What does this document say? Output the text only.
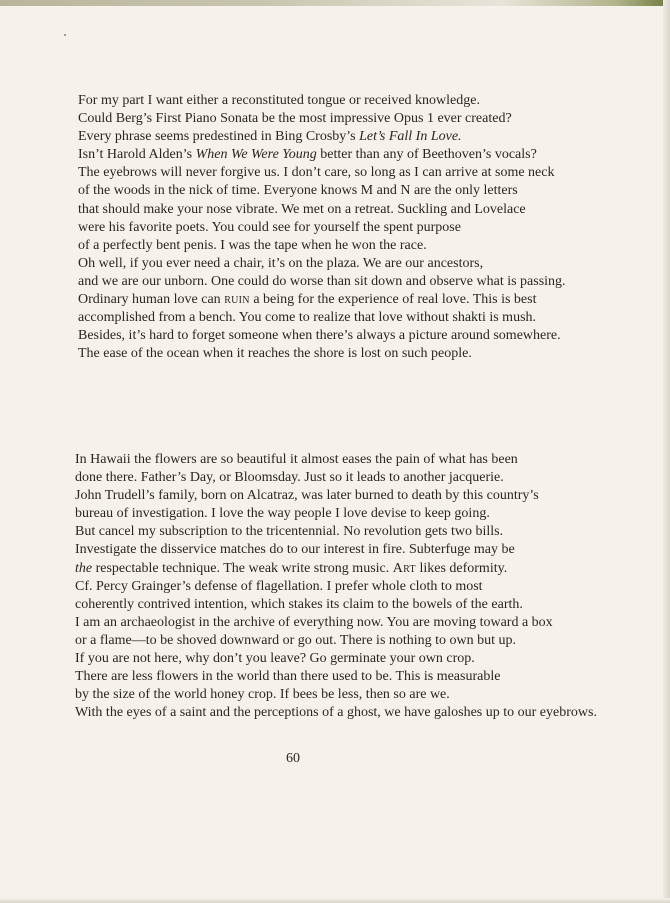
For my part I want either a reconstituted tongue or received knowledge.
Could Berg’s First Piano Sonata be the most impressive Opus 1 ever created?
Every phrase seems predestined in Bing Crosby’s Let’s Fall In Love.
Isn’t Harold Alden’s When We Were Young better than any of Beethoven’s vocals?
The eyebrows will never forgive us. I don’t care, so long as I can arrive at some neck
of the woods in the nick of time. Everyone knows M and N are the only letters
that should make your nose vibrate. We met on a retreat. Suckling and Lovelace
were his favorite poets. You could see for yourself the spent purpose
of a perfectly bent penis. I was the tape when he won the race.
Oh well, if you ever need a chair, it’s on the plaza. We are our ancestors,
and we are our unborn. One could do worse than sit down and observe what is passing.
Ordinary human love can ruin a being for the experience of real love. This is best
accomplished from a bench. You come to realize that love without shakti is mush.
Besides, it’s hard to forget someone when there’s always a picture around somewhere.
The ease of the ocean when it reaches the shore is lost on such people.
In Hawaii the flowers are so beautiful it almost eases the pain of what has been
done there. Father’s Day, or Bloomsday. Just so it leads to another jacquerie.
John Trudell’s family, born on Alcatraz, was later burned to death by this country’s
bureau of investigation. I love the way people I love devise to keep going.
But cancel my subscription to the tricentennial. No revolution gets two bills.
Investigate the disservice matches do to our interest in fire. Subterfuge may be
the respectable technique. The weak write strong music. Art likes deformity.
Cf. Percy Grainger’s defense of flagellation. I prefer whole cloth to most
coherently contrived intention, which stakes its claim to the bowels of the earth.
I am an archaeologist in the archive of everything now. You are moving toward a box
or a flame—to be shoved downward or go out. There is nothing to own but up.
If you are not here, why don’t you leave? Go germinate your own crop.
There are less flowers in the world than there used to be. This is measurable
by the size of the world honey crop. If bees be less, then so are we.
With the eyes of a saint and the perceptions of a ghost, we have galoshes up to our eyebrows.
60
